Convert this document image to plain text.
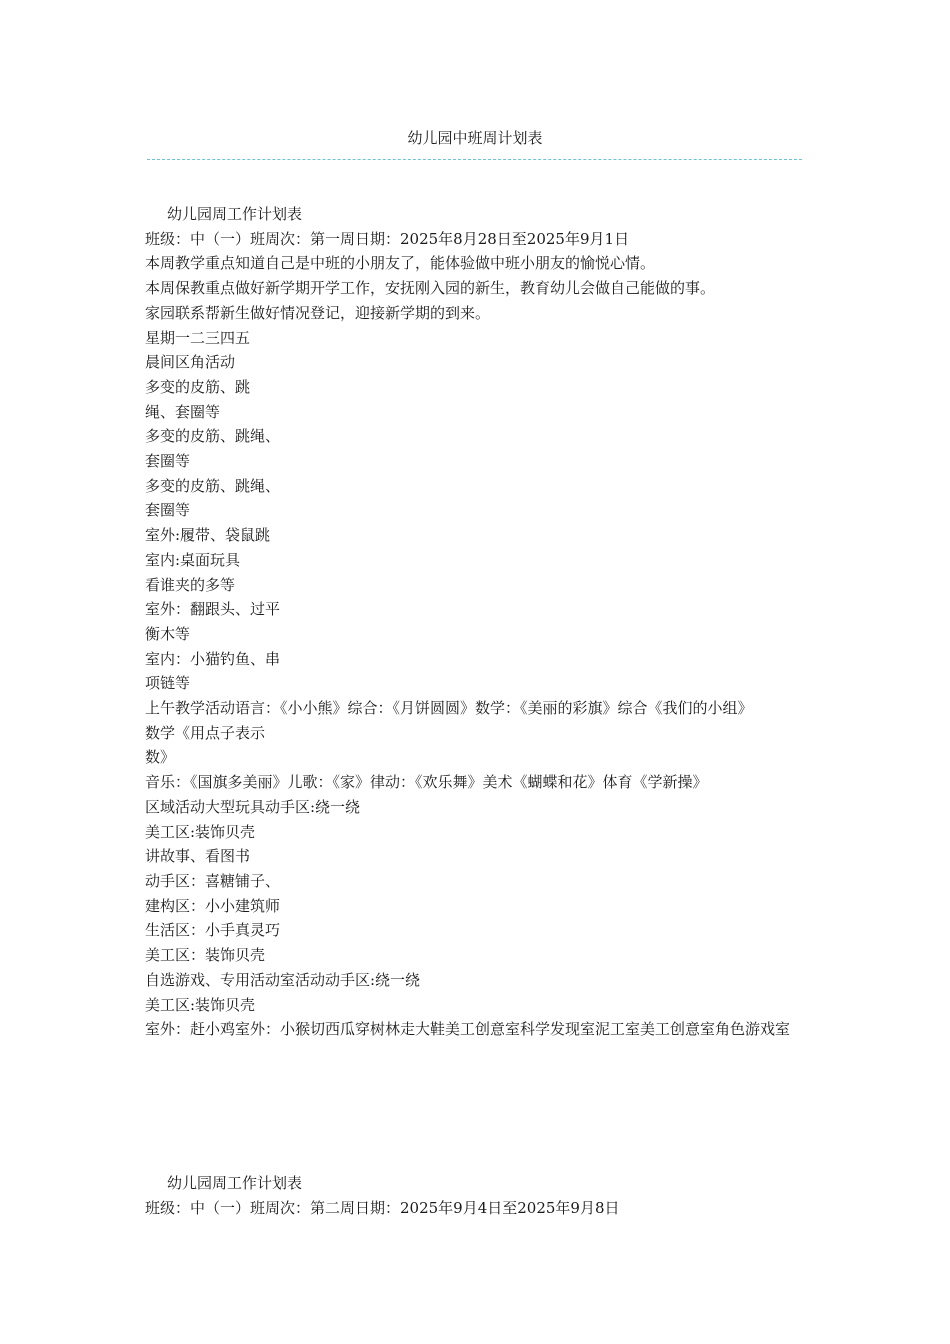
幼儿园中班周计划表
幼儿园周工作计划表
班级：中（一）班周次：第一周日期：2025年8月28日至2025年9月1日
本周教学重点知道自己是中班的小朋友了，能体验做中班小朋友的愉悦心情。
本周保教重点做好新学期开学工作，安抚刚入园的新生，教育幼儿会做自己能做的事。
家园联系帮新生做好情况登记，迎接新学期的到来。
星期一二三四五
晨间区角活动
多变的皮筋、跳
绳、套圈等
多变的皮筋、跳绳、
套圈等
多变的皮筋、跳绳、
套圈等
室外:履带、袋鼠跳
室内:桌面玩具
看谁夹的多等
室外：翻跟头、过平
衡木等
室内：小猫钓鱼、串
项链等
上午教学活动语言：《小小熊》综合：《月饼圆圆》数学：《美丽的彩旗》综合《我们的小组》
数学《用点子表示
数》
音乐：《国旗多美丽》儿歌：《家》律动：《欢乐舞》美术《蝴蝶和花》体育《学新操》
区域活动大型玩具动手区:绕一绕
美工区:装饰贝壳
讲故事、看图书
动手区：喜糖铺子、
建构区：小小建筑师
生活区：小手真灵巧
美工区：装饰贝壳
自选游戏、专用活动室活动动手区:绕一绕
美工区:装饰贝壳
室外：赶小鸡室外：小猴切西瓜穿树林走大鞋美工创意室科学发现室泥工室美工创意室角色游戏室
幼儿园周工作计划表
班级：中（一）班周次：第二周日期：2025年9月4日至2025年9月8日
